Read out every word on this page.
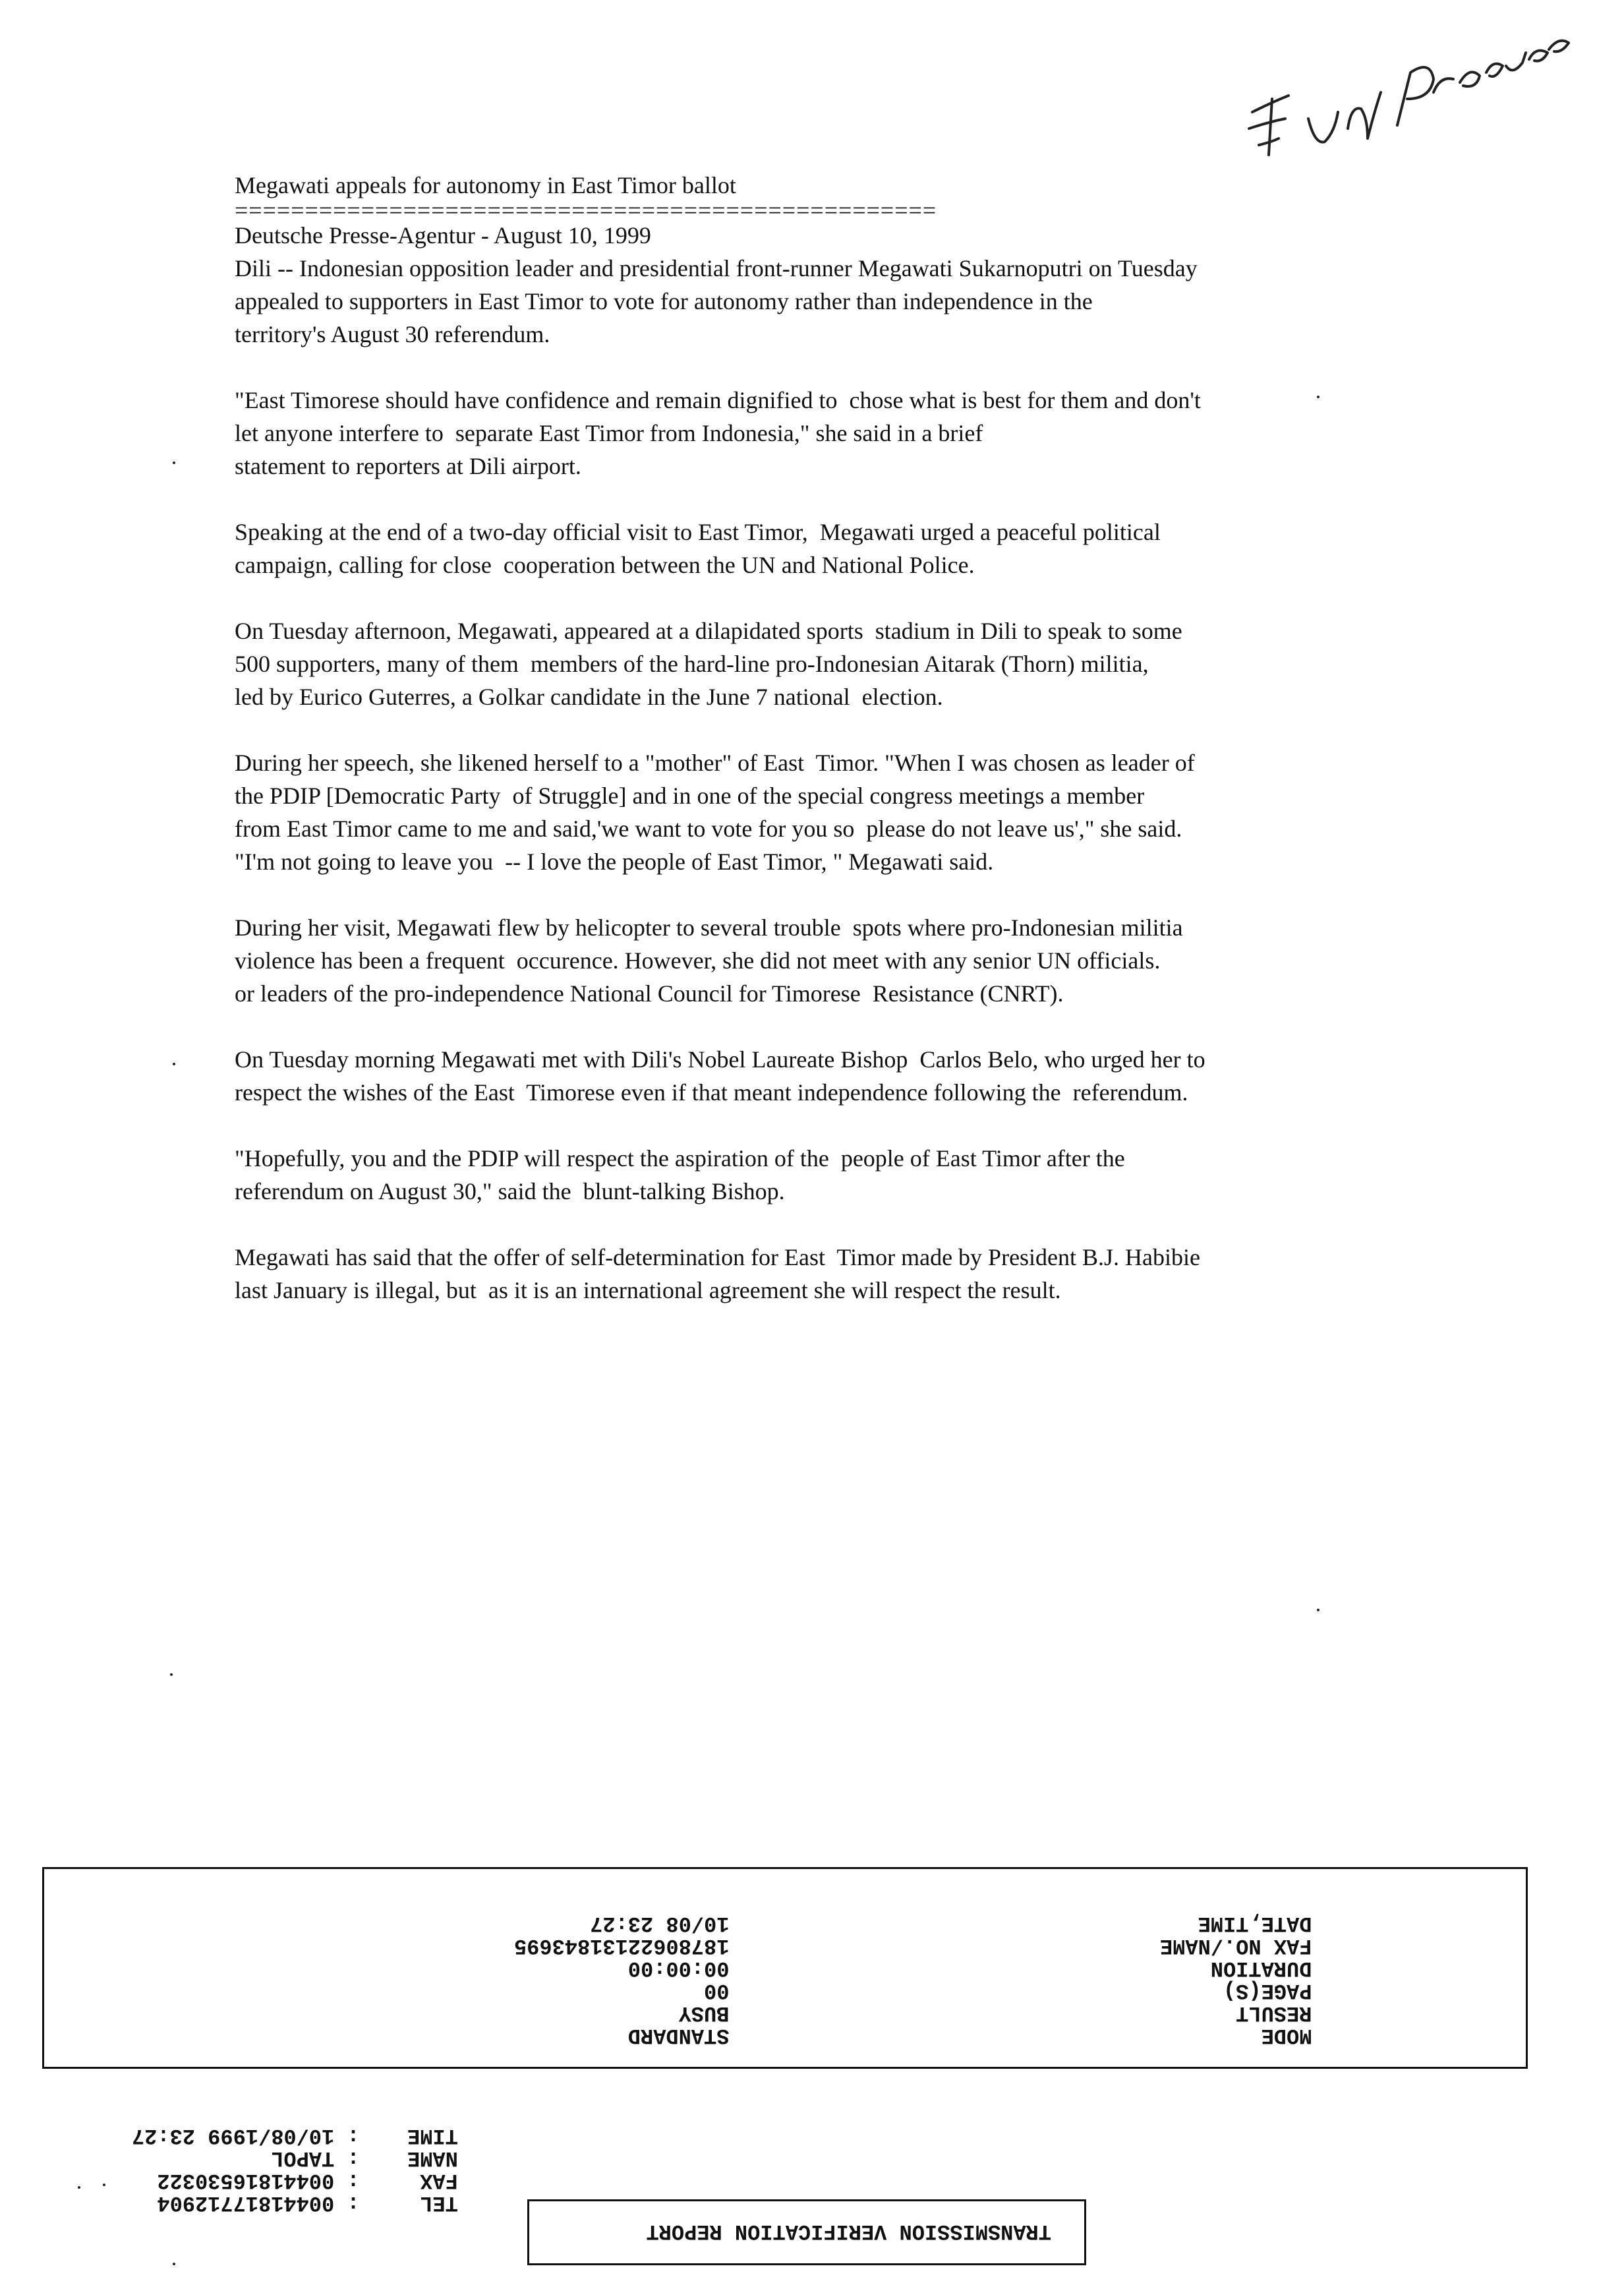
Megawati appeals for autonomy in East Timor ballot

==================================================

Deutsche Presse-Agentur - August 10, 1999

Dili -- Indonesian opposition leader and presidential front-runner Megawati Sukarnoputri on Tuesday

appealed to supporters in East Timor to vote for autonomy rather than independence in the

territory's August 30 referendum.

"East Timorese should have confidence and remain dignified to  chose what is best for them and don't

let anyone interfere to  separate East Timor from Indonesia," she said in a brief

statement to reporters at Dili airport.

Speaking at the end of a two-day official visit to East Timor,  Megawati urged a peaceful political

campaign, calling for close  cooperation between the UN and National Police.

On Tuesday afternoon, Megawati, appeared at a dilapidated sports  stadium in Dili to speak to some

500 supporters, many of them  members of the hard-line pro-Indonesian Aitarak (Thorn) militia,

led by Eurico Guterres, a Golkar candidate in the June 7 national  election.

During her speech, she likened herself to a "mother" of East  Timor. "When I was chosen as leader of

the PDIP [Democratic Party  of Struggle] and in one of the special congress meetings a member

from East Timor came to me and said,'we want to vote for you so  please do not leave us'," she said.

"I'm not going to leave you  -- I love the people of East Timor, " Megawati said.

During her visit, Megawati flew by helicopter to several trouble  spots where pro-Indonesian militia

violence has been a frequent  occurence. However, she did not meet with any senior UN officials.

or leaders of the pro-independence National Council for Timorese  Resistance (CNRT).

On Tuesday morning Megawati met with Dili's Nobel Laureate Bishop  Carlos Belo, who urged her to

respect the wishes of the East  Timorese even if that meant independence following the  referendum.

"Hopefully, you and the PDIP will respect the aspiration of the  people of East Timor after the

referendum on August 30," said the  blunt-talking Bishop.

Megawati has said that the offer of self-determination for East  Timor made by President B.J. Habibie

last January is illegal, but  as it is an international agreement she will respect the result.

STANDARD
BUSY
00
00:00:00
18780622131843695
10/08 23:27

MODE
RESULT
PAGE(S)
DURATION
FAX NO./NAME
DATE,TIME

TEL : 00441817712904
FAX : 00441816530322
NAME : TAPOL
TIME : 10/08/1999 23:27

TRANSMISSION VERIFICATION REPORT
